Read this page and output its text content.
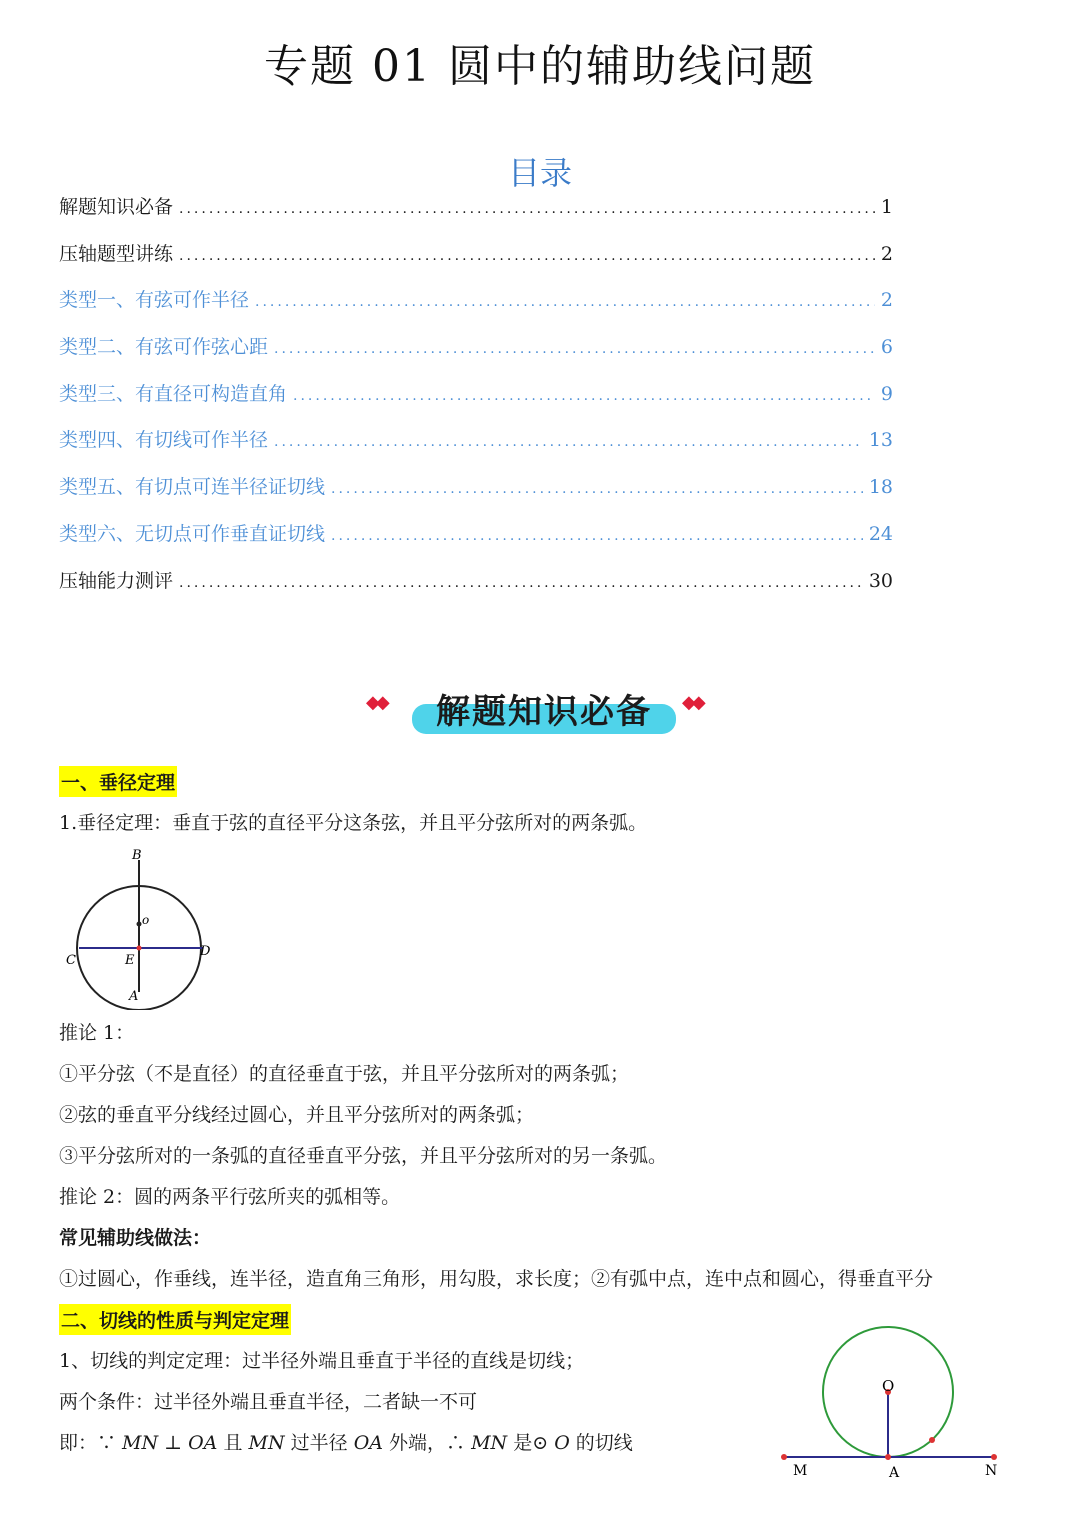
专题 01 圆中的辅助线问题
目录
解题知识必备 .....	1
压轴题型讲练 .....	2
类型一、有弦可作半径 .....	2
类型二、有弦可作弦心距 .....	6
类型三、有直径可构造直角 .....	9
类型四、有切线可作半径 .....	13
类型五、有切点可连半径证切线 .....	18
类型六、无切点可作垂直证切线 .....	24
压轴能力测评 .....	30
◆◆	解题知识必备	◆◆
一、垂径定理
1.垂径定理：垂直于弦的直径平分这条弦，并且平分弦所对的两条弧。
B
o
C	E
D
A
推论 1：
①平分弦（不是直径）的直径垂直于弦，并且平分弦所对的两条弧；
②弦的垂直平分线经过圆心，并且平分弦所对的两条弧；
③平分弦所对的一条弧的直径垂直平分弦，并且平分弦所对的另一条弧。
推论 2：圆的两条平行弦所夹的弧相等。
常见辅助线做法：
①过圆心，作垂线，连半径，造直角三角形，用勾股，求长度；②有弧中点，连中点和圆心，得垂直平分
二、切线的性质与判定定理
1、切线的判定定理：过半径外端且垂直于半径的直线是切线；
两个条件：过半径外端且垂直半径，二者缺一不可
即：∵ MN ⊥ OA 且 MN 过半径 OA 外端，∴ MN 是⊙ O 的切线
O
M	A	N
